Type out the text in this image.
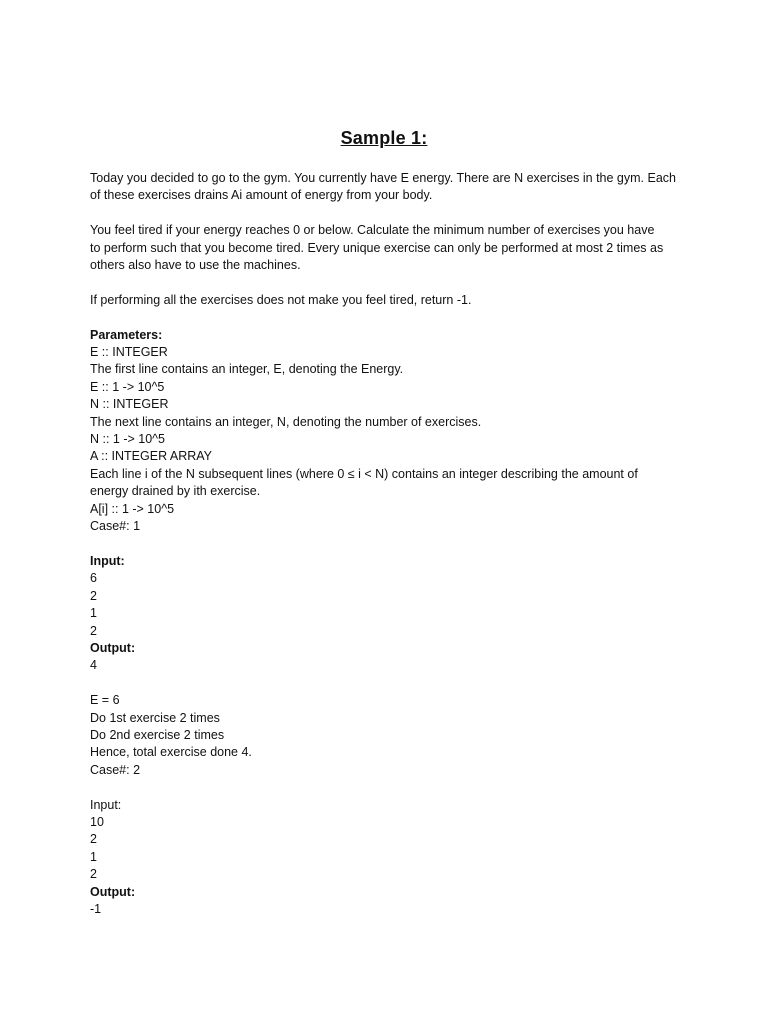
Sample 1:
Today you decided to go to the gym. You currently have E energy. There are N exercises in the gym. Each
of these exercises drains Ai amount of energy from your body.
You feel tired if your energy reaches 0 or below. Calculate the minimum number of exercises you have
to perform such that you become tired. Every unique exercise can only be performed at most 2 times as
others also have to use the machines.
If performing all the exercises does not make you feel tired, return -1.
Parameters:
E :: INTEGER
The first line contains an integer, E, denoting the Energy.
E :: 1 -> 10^5
N :: INTEGER
The next line contains an integer, N, denoting the number of exercises.
N :: 1 -> 10^5
A :: INTEGER ARRAY
Each line i of the N subsequent lines (where 0 ≤ i < N) contains an integer describing the amount of
energy drained by ith exercise.
A[i] :: 1 -> 10^5
Case#: 1
Input:
6
2
1
2
Output:
4
E = 6
Do 1st exercise 2 times
Do 2nd exercise 2 times
Hence, total exercise done 4.
Case#: 2
Input:
10
2
1
2
Output:
-1
